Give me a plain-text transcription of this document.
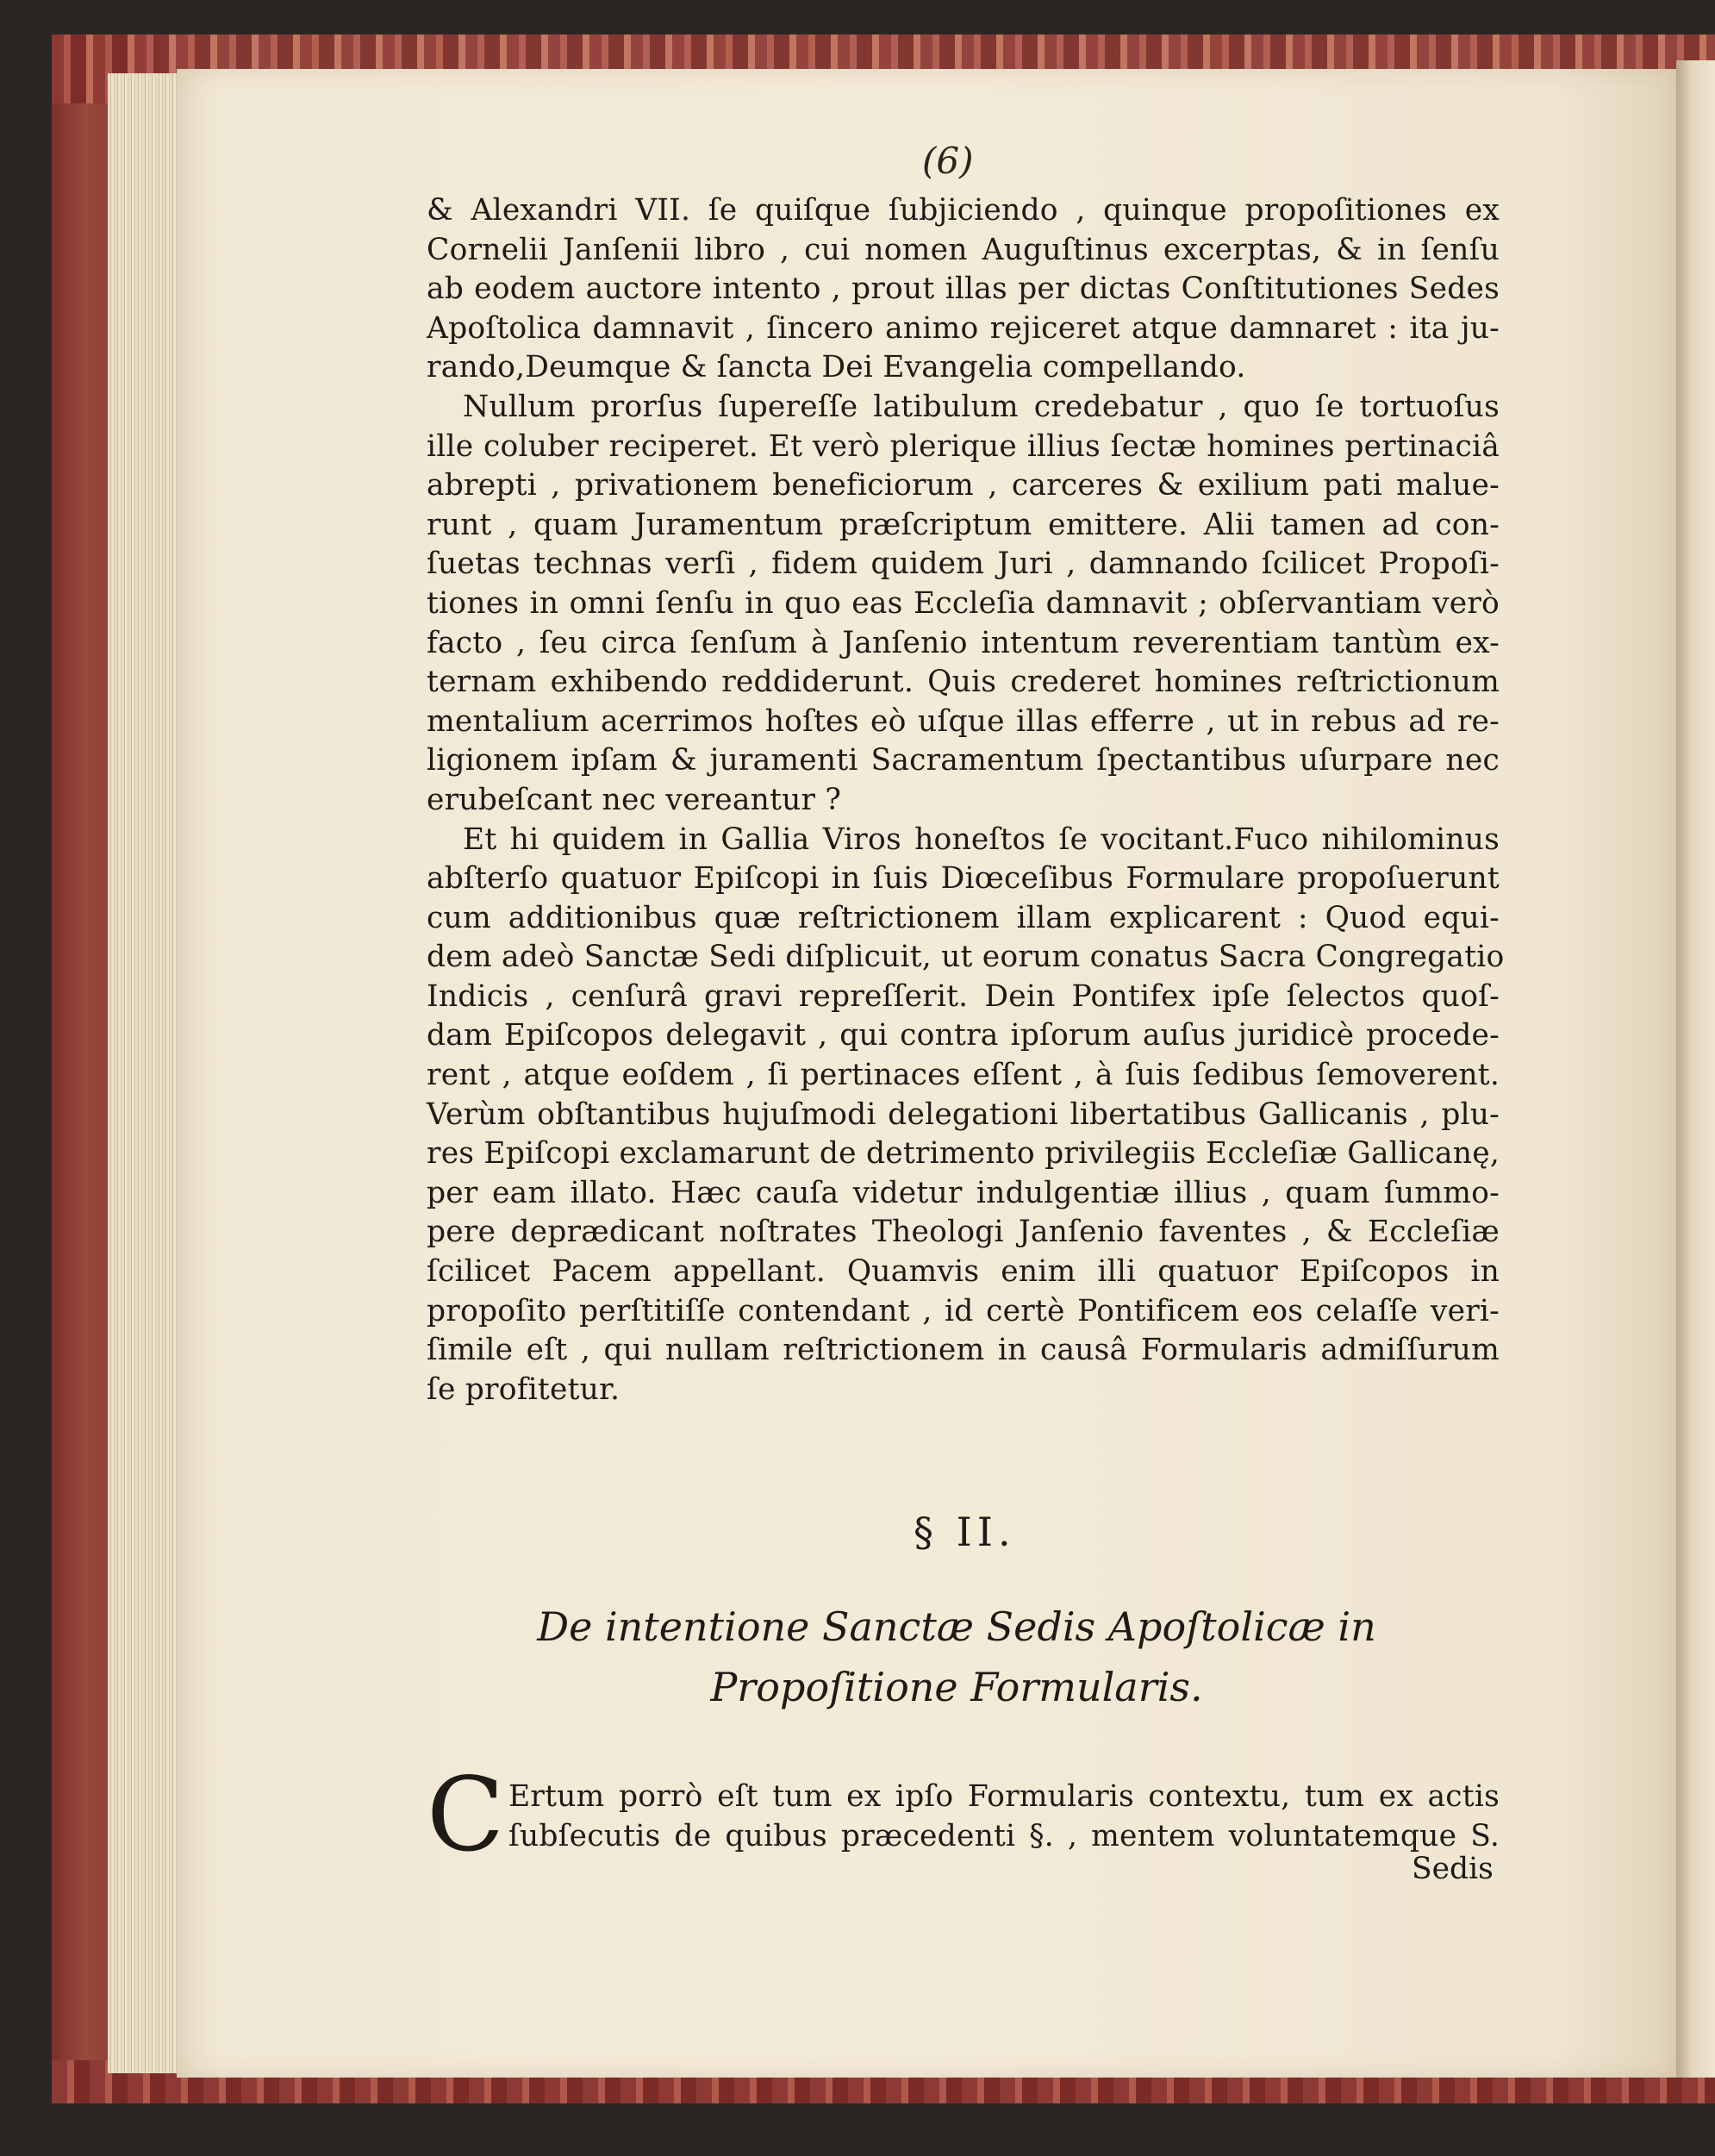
(6)
& Alexandri VII. ſe quiſque ſubjiciendo , quinque propoſitiones ex
Cornelii Janſenii libro , cui nomen Auguſtinus excerptas, & in ſenſu
ab eodem auctore intento , prout illas per dictas Conſtitutiones Sedes
Apoſtolica damnavit , ſincero animo rejiceret atque damnaret : ita ju-
rando,Deumque & ſancta Dei Evangelia compellando.
Nullum prorſus ſupereſſe latibulum credebatur , quo ſe tortuoſus
ille coluber reciperet. Et verò plerique illius ſectæ homines pertinaciâ
abrepti , privationem beneficiorum , carceres & exilium pati malue-
runt , quam Juramentum præſcriptum emittere. Alii tamen ad con-
ſuetas technas verſi , fidem quidem Juri , damnando ſcilicet Propoſi-
tiones in omni ſenſu in quo eas Eccleſia damnavit ; obſervantiam verò
facto , ſeu circa ſenſum à Janſenio intentum reverentiam tantùm ex-
ternam exhibendo reddiderunt. Quis crederet homines reſtrictionum
mentalium acerrimos hoſtes eò uſque illas efferre , ut in rebus ad re-
ligionem ipſam & juramenti Sacramentum ſpectantibus uſurpare nec
erubeſcant nec vereantur ?
Et hi quidem in Gallia Viros honeſtos ſe vocitant.Fuco nihilominus
abſterſo quatuor Epiſcopi in ſuis Diœceſibus Formulare propoſuerunt
cum additionibus quæ reſtrictionem illam explicarent : Quod equi-
dem adeò Sanctæ Sedi diſplicuit, ut eorum conatus Sacra Congregatio
Indicis , cenſurâ gravi repreſſerit. Dein Pontifex ipſe ſelectos quoſ-
dam Epiſcopos delegavit , qui contra ipſorum auſus juridicè procede-
rent , atque eoſdem , ſi pertinaces eſſent , à ſuis ſedibus ſemoverent.
Verùm obſtantibus hujuſmodi delegationi libertatibus Gallicanis , plu-
res Epiſcopi exclamarunt de detrimento privilegiis Eccleſiæ Gallicanę,
per eam illato. Hæc cauſa videtur indulgentiæ illius , quam ſummo-
pere deprædicant noſtrates Theologi Janſenio faventes , & Eccleſiæ
ſcilicet Pacem appellant. Quamvis enim illi quatuor Epiſcopos in
propoſito perſtitiſſe contendant , id certè Pontificem eos celaſſe veri-
ſimile eſt , qui nullam reſtrictionem in causâ Formularis admiſſurum
ſe profitetur.
§ II.
De intentione Sanctæ Sedis Apoſtolicæ in
Propoſitione Formularis.
C Ertum porrò eſt tum ex ipſo Formularis contextu, tum ex actis
ſubſecutis de quibus præcedenti §. , mentem voluntatemque S.
Sedis
